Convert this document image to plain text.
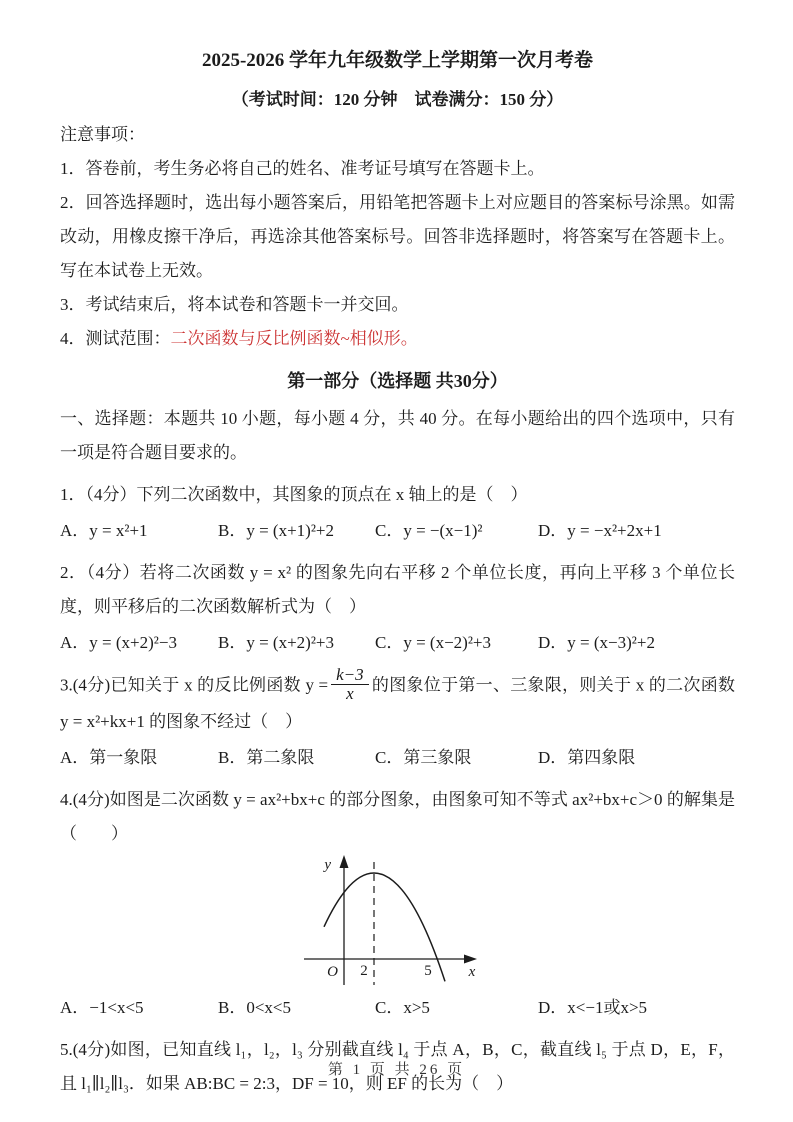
2025-2026 学年九年级数学上学期第一次月考卷
（考试时间：120 分钟　试卷满分：150 分）

注意事项：

1．答卷前，考生务必将自己的姓名、准考证号填写在答题卡上。

2．回答选择题时，选出每小题答案后，用铅笔把答题卡上对应题目的答案标号涂黑。如需改动，用橡皮擦干净后，再选涂其他答案标号。回答非选择题时，将答案写在答题卡上。写在本试卷上无效。

3．考试结束后，将本试卷和答题卡一并交回。

4．测试范围：二次函数与反比例函数~相似形。

第一部分（选择题 共30分）

一、选择题：本题共 10 小题，每小题 4 分，共 40 分。在每小题给出的四个选项中，只有一项是符合题目要求的。

1．（4分）下列二次函数中，其图象的顶点在 x 轴上的是（　）

A．y = x²+1	B．y = (x+1)²+2	C．y = −(x−1)²	D．y = −x²+2x+1

2．（4分）若将二次函数 y = x² 的图象先向右平移 2 个单位长度，再向上平移 3 个单位长度，则平移后的二次函数解析式为（　）

A．y = (x+2)²−3	B．y = (x+2)²+3	C．y = (x−2)²+3	D．y = (x−3)²+2

3.(4分)已知关于 x 的反比例函数 $y = \frac{k-3}{x}$ 的图象位于第一、三象限，则关于 x 的二次函数 y = x²+kx+1 的图象不经过（　）

A．第一象限	B．第二象限	C．第三象限	D．第四象限

4.(4分)如图是二次函数 y = ax²+bx+c 的部分图象，由图象可知不等式 ax²+bx+c＞0 的解集是（　　）

y
O 2	5 x
A．−1<x<5	B．0<x<5	C．x>5	D．x<−1或x>5

5.(4分)如图，已知直线 l₁，l₂，l₃ 分别截直线 l₄ 于点 A，B，C，截直线 l₅ 于点 D，E，F，且 l₁∥l₂∥l₃．如果 AB:BC = 2:3，DF = 10，则 EF 的长为（　）

第 1 页 共 26 页
